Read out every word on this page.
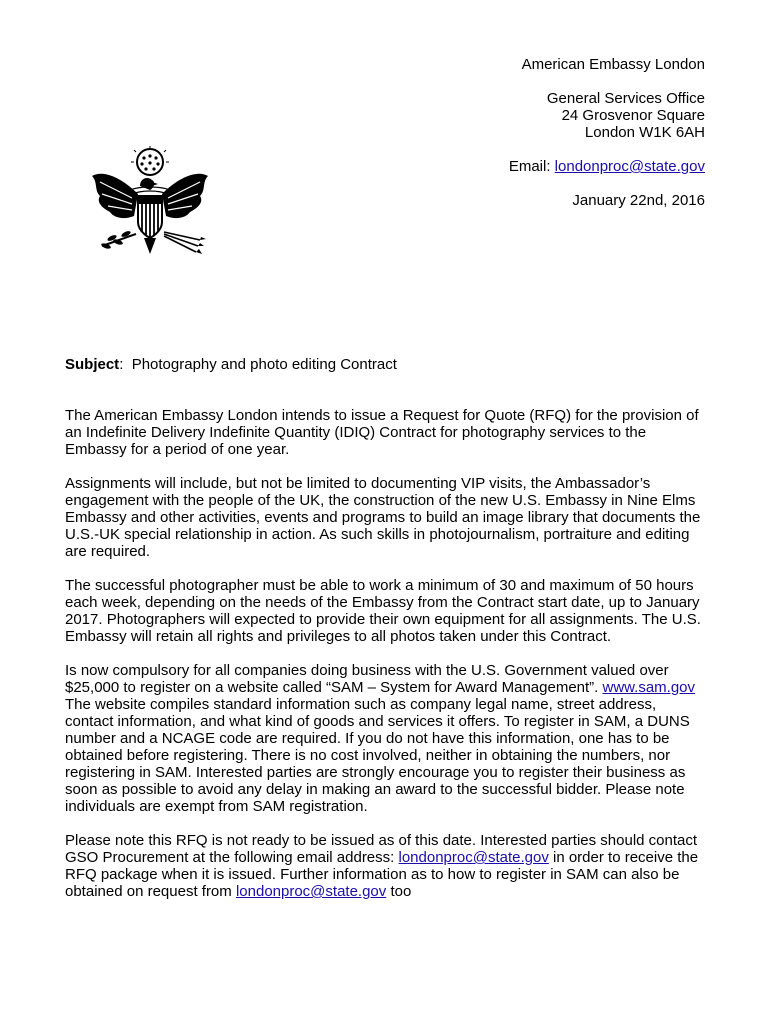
American Embassy London
General Services Office
24 Grosvenor Square
London W1K 6AH
Email: londonproc@state.gov
January 22nd, 2016
Subject:  Photography and photo editing Contract

The American Embassy London intends to issue a Request for Quote (RFQ) for the provision of an Indefinite Delivery Indefinite Quantity (IDIQ) Contract for photography services to the Embassy for a period of one year.

Assignments will include, but not be limited to documenting VIP visits, the Ambassador’s engagement with the people of the UK, the construction of the new U.S. Embassy in Nine Elms Embassy and other activities, events and programs to build an image library that documents the U.S.-UK special relationship in action. As such skills in photojournalism, portraiture and editing are required.

The successful photographer must be able to work a minimum of 30 and maximum of 50 hours each week, depending on the needs of the Embassy from the Contract start date, up to January 2017. Photographers will expected to provide their own equipment for all assignments. The U.S. Embassy will retain all rights and privileges to all photos taken under this Contract.

Is now compulsory for all companies doing business with the U.S. Government valued over $25,000 to register on a website called “SAM – System for Award Management”. www.sam.gov The website compiles standard information such as company legal name, street address, contact information, and what kind of goods and services it offers. To register in SAM, a DUNS number and a NCAGE code are required. If you do not have this information, one has to be obtained before registering. There is no cost involved, neither in obtaining the numbers, nor registering in SAM. Interested parties are strongly encourage you to register their business as soon as possible to avoid any delay in making an award to the successful bidder. Please note individuals are exempt from SAM registration.

Please note this RFQ is not ready to be issued as of this date. Interested parties should contact GSO Procurement at the following email address: londonproc@state.gov in order to receive the RFQ package when it is issued. Further information as to how to register in SAM can also be obtained on request from londonproc@state.gov too
